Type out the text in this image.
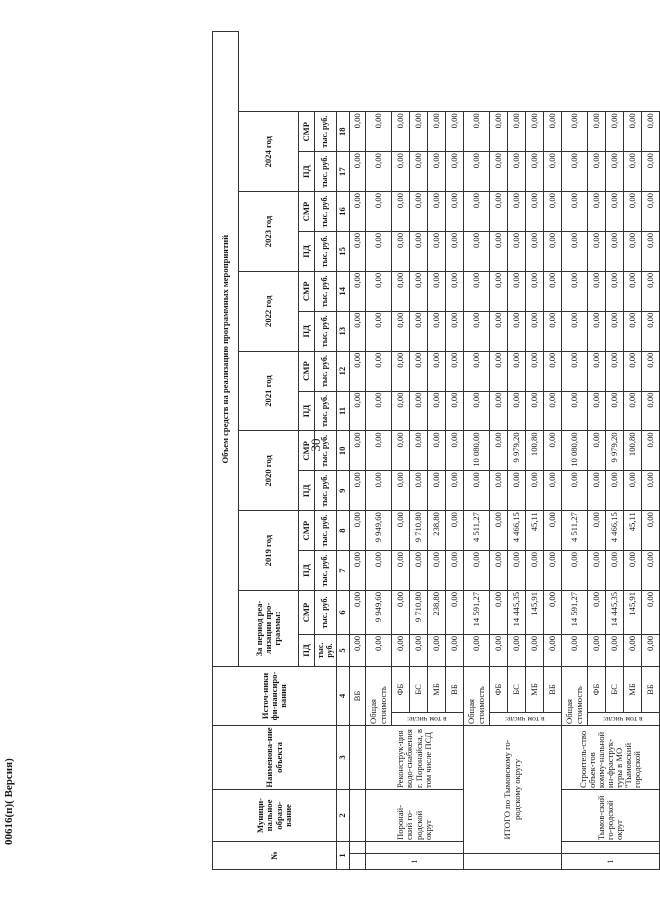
30
№		Муници-пальное образо-вание	Наименова-ние объекта	Источ-ники фи-нансиро-вания		Объем средств на реализацию программных мероприятий													
						За период реа-лизации про-граммы:		2019 год		2020 год		2021 год		2022 год		2023 год		2024 год	
						ПД	СМР	ПД	СМР	ПД	СМР	ПД	СМР	ПД	СМР	ПД	СМР	ПД	СМР
						тыс. руб.	тыс. руб.	тыс. руб.	тыс. руб.	тыс. руб.	тыс. руб.	тыс. руб.	тыс. руб.	тыс. руб.	тыс. руб.	тыс. руб.	тыс. руб.	тыс. руб.	тыс. руб.
1		2	3	4		5	6	7	8	9	10	11	12	13	14	15	16	17	18
				ВБ		0,00	0,00	0,00	0,00	0,00	0,00	0,00	0,00	0,00	0,00	0,00	0,00	0,00	0,00
1		Поронай-ский го-родской округ	Реконструк-ция водо-снабжения г. Поронайска, в том числе ПСД	Общая стоимость		0,00	9 949,60	0,00	9 949,60	0,00	0,00	0,00	0,00	0,00	0,00	0,00	0,00	0,00	0,00
				в том числе:	ФБ	0,00	0,00	0,00	0,00	0,00	0,00	0,00	0,00	0,00	0,00	0,00	0,00	0,00	0,00
					БС	0,00	9 710,80	0,00	9 710,80	0,00	0,00	0,00	0,00	0,00	0,00	0,00	0,00	0,00	0,00
					МБ	0,00	238,80	0,00	238,80	0,00	0,00	0,00	0,00	0,00	0,00	0,00	0,00	0,00	0,00
					ВБ	0,00	0,00	0,00	0,00	0,00	0,00	0,00	0,00	0,00	0,00	0,00	0,00	0,00	0,00
	ИТОГО по Тымовскому го-родскому округу			Общая стоимость		0,00	14 591,27	0,00	4 511,27	0,00	10 080,00	0,00	0,00	0,00	0,00	0,00	0,00	0,00	0,00
				в том числе:	ФБ	0,00	0,00	0,00	0,00	0,00	0,00	0,00	0,00	0,00	0,00	0,00	0,00	0,00	0,00
					БС	0,00	14 445,35	0,00	4 466,15	0,00	9 979,20	0,00	0,00	0,00	0,00	0,00	0,00	0,00	0,00
					МБ	0,00	145,91	0,00	45,11	0,00	100,80	0,00	0,00	0,00	0,00	0,00	0,00	0,00	0,00
					ВБ	0,00	0,00	0,00	0,00	0,00	0,00	0,00	0,00	0,00	0,00	0,00	0,00	0,00	0,00
1		Тымов-ский го-родской округ	Строитель-ство объек-тов комму-нальной ин-фраструк-туры в МО "Тымовский городской	Общая стоимость		0,00	14 591,27	0,00	4 511,27	0,00	10 080,00	0,00	0,00	0,00	0,00	0,00	0,00	0,00	0,00
				в том числе:	ФБ	0,00	0,00	0,00	0,00	0,00	0,00	0,00	0,00	0,00	0,00	0,00	0,00	0,00	0,00
					БС	0,00	14 445,35	0,00	4 466,15	0,00	9 979,20	0,00	0,00	0,00	0,00	0,00	0,00	0,00	0,00
					МБ	0,00	145,91	0,00	45,11	0,00	100,80	0,00	0,00	0,00	0,00	0,00	0,00	0,00	0,00
					ВБ	0,00	0,00	0,00	0,00	0,00	0,00	0,00	0,00	0,00	0,00	0,00	0,00	0,00	0,00
00616(п)( Версия)
